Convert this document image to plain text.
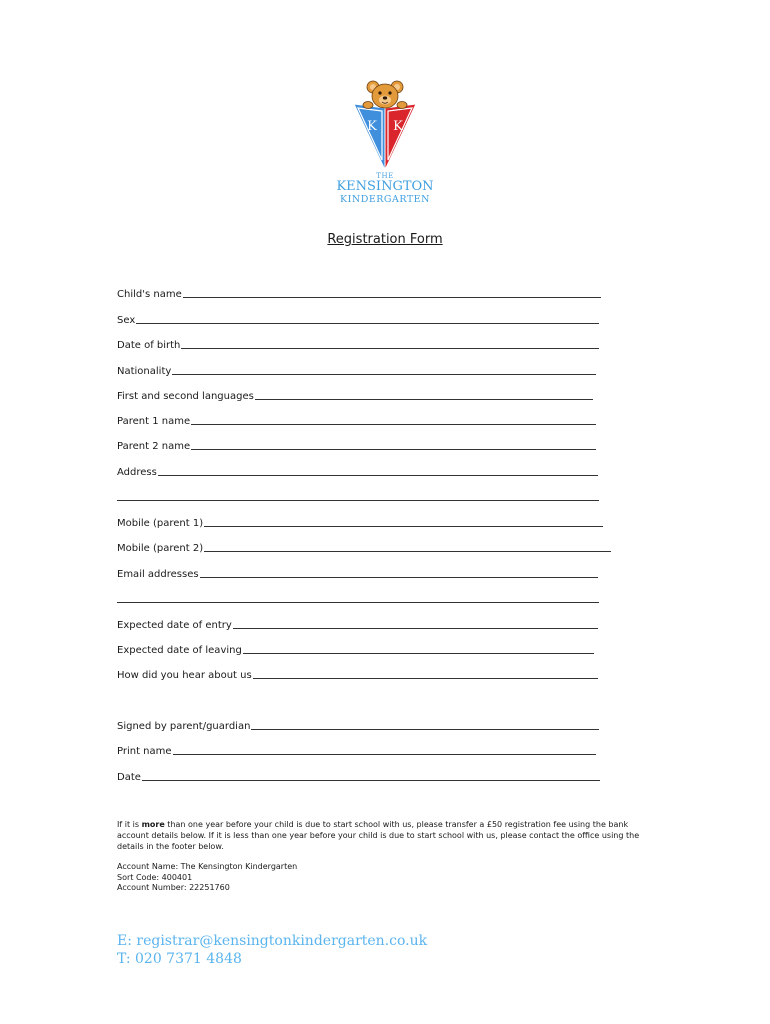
K K
THE
KENSINGTON
KINDERGARTEN
Registration Form
Child's name
Sex
Date of birth
Nationality
First and second languages
Parent 1 name
Parent 2 name
Address
Mobile (parent 1)
Mobile (parent 2)
Email addresses
Expected date of entry
Expected date of leaving
How did you hear about us
Signed by parent/guardian
Print name
Date
If it is more than one year before your child is due to start school with us, please transfer a £50 registration fee using the bank account details below. If it is less than one year before your child is due to start school with us, please contact the office using the details in the footer below.
Account Name: The Kensington Kindergarten
Sort Code: 400401
Account Number: 22251760
E: registrar@kensingtonkindergarten.co.uk
T: 020 7371 4848
